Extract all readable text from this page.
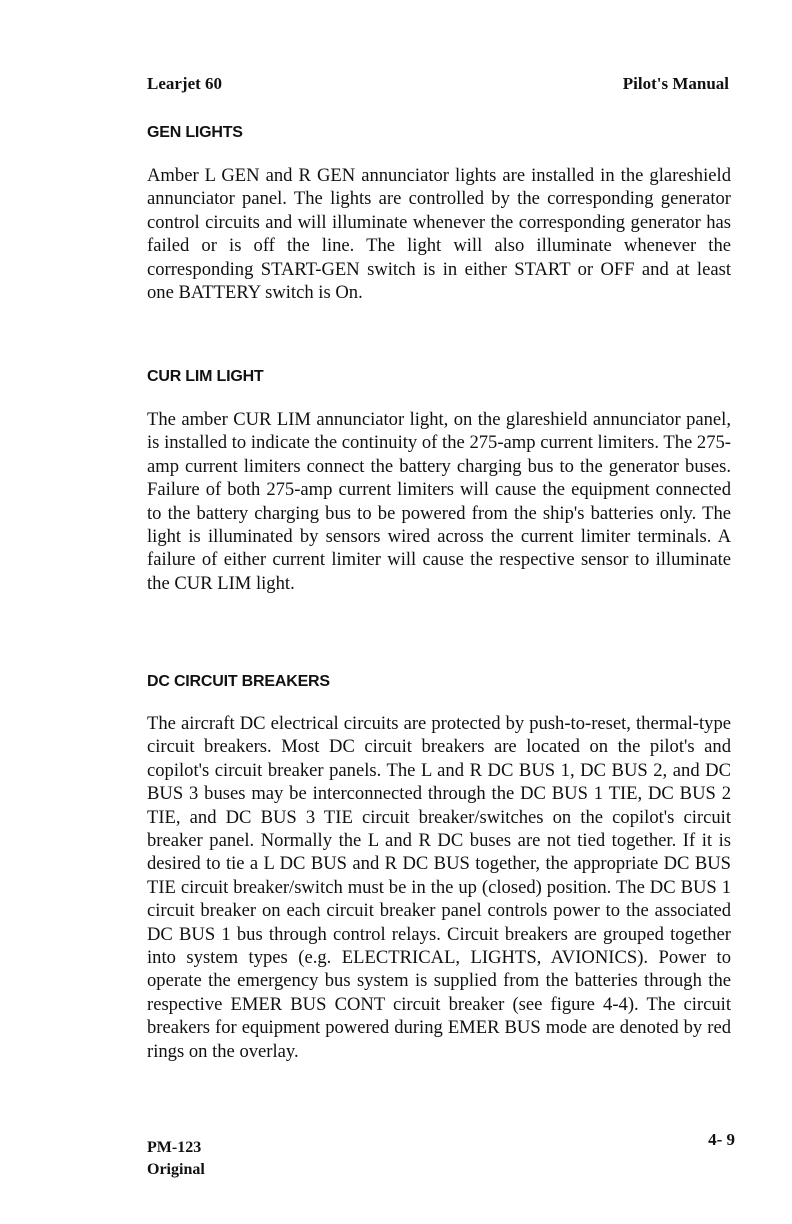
Learjet 60	Pilot's Manual
GEN LIGHTS

Amber L GEN and R GEN annunciator lights are installed in the glareshield annunciator panel. The lights are controlled by the corresponding generator control circuits and will illuminate whenever the corresponding generator has failed or is off the line. The light will also illuminate whenever the corresponding START-GEN switch is in either START or OFF and at least one BATTERY switch is On.

CUR LIM LIGHT

The amber CUR LIM annunciator light, on the glareshield annunciator panel, is installed to indicate the continuity of the 275-amp current limiters. The 275-amp current limiters connect the battery charging bus to the generator buses. Failure of both 275-amp current limiters will cause the equipment connected to the battery charging bus to be powered from the ship's batteries only. The light is illuminated by sensors wired across the current limiter terminals. A failure of either current limiter will cause the respective sensor to illuminate the CUR LIM light.

DC CIRCUIT BREAKERS

The aircraft DC electrical circuits are protected by push-to-reset, thermal-type circuit breakers. Most DC circuit breakers are located on the pilot's and copilot's circuit breaker panels. The L and R DC BUS 1, DC BUS 2, and DC BUS 3 buses may be interconnected through the DC BUS 1 TIE, DC BUS 2 TIE, and DC BUS 3 TIE circuit breaker/switches on the copilot's circuit breaker panel. Normally the L and R DC buses are not tied together. If it is desired to tie a L DC BUS and R DC BUS together, the appropriate DC BUS TIE circuit breaker/switch must be in the up (closed) position. The DC BUS 1 circuit breaker on each circuit breaker panel controls power to the associated DC BUS 1 bus through control relays. Circuit breakers are grouped together into system types (e.g. ELECTRICAL, LIGHTS, AVIONICS). Power to operate the emergency bus system is supplied from the batteries through the respective EMER BUS CONT circuit breaker (see figure 4-4). The circuit breakers for equipment powered during EMER BUS mode are denoted by red rings on the overlay.

PM-123
Original
4- 9
